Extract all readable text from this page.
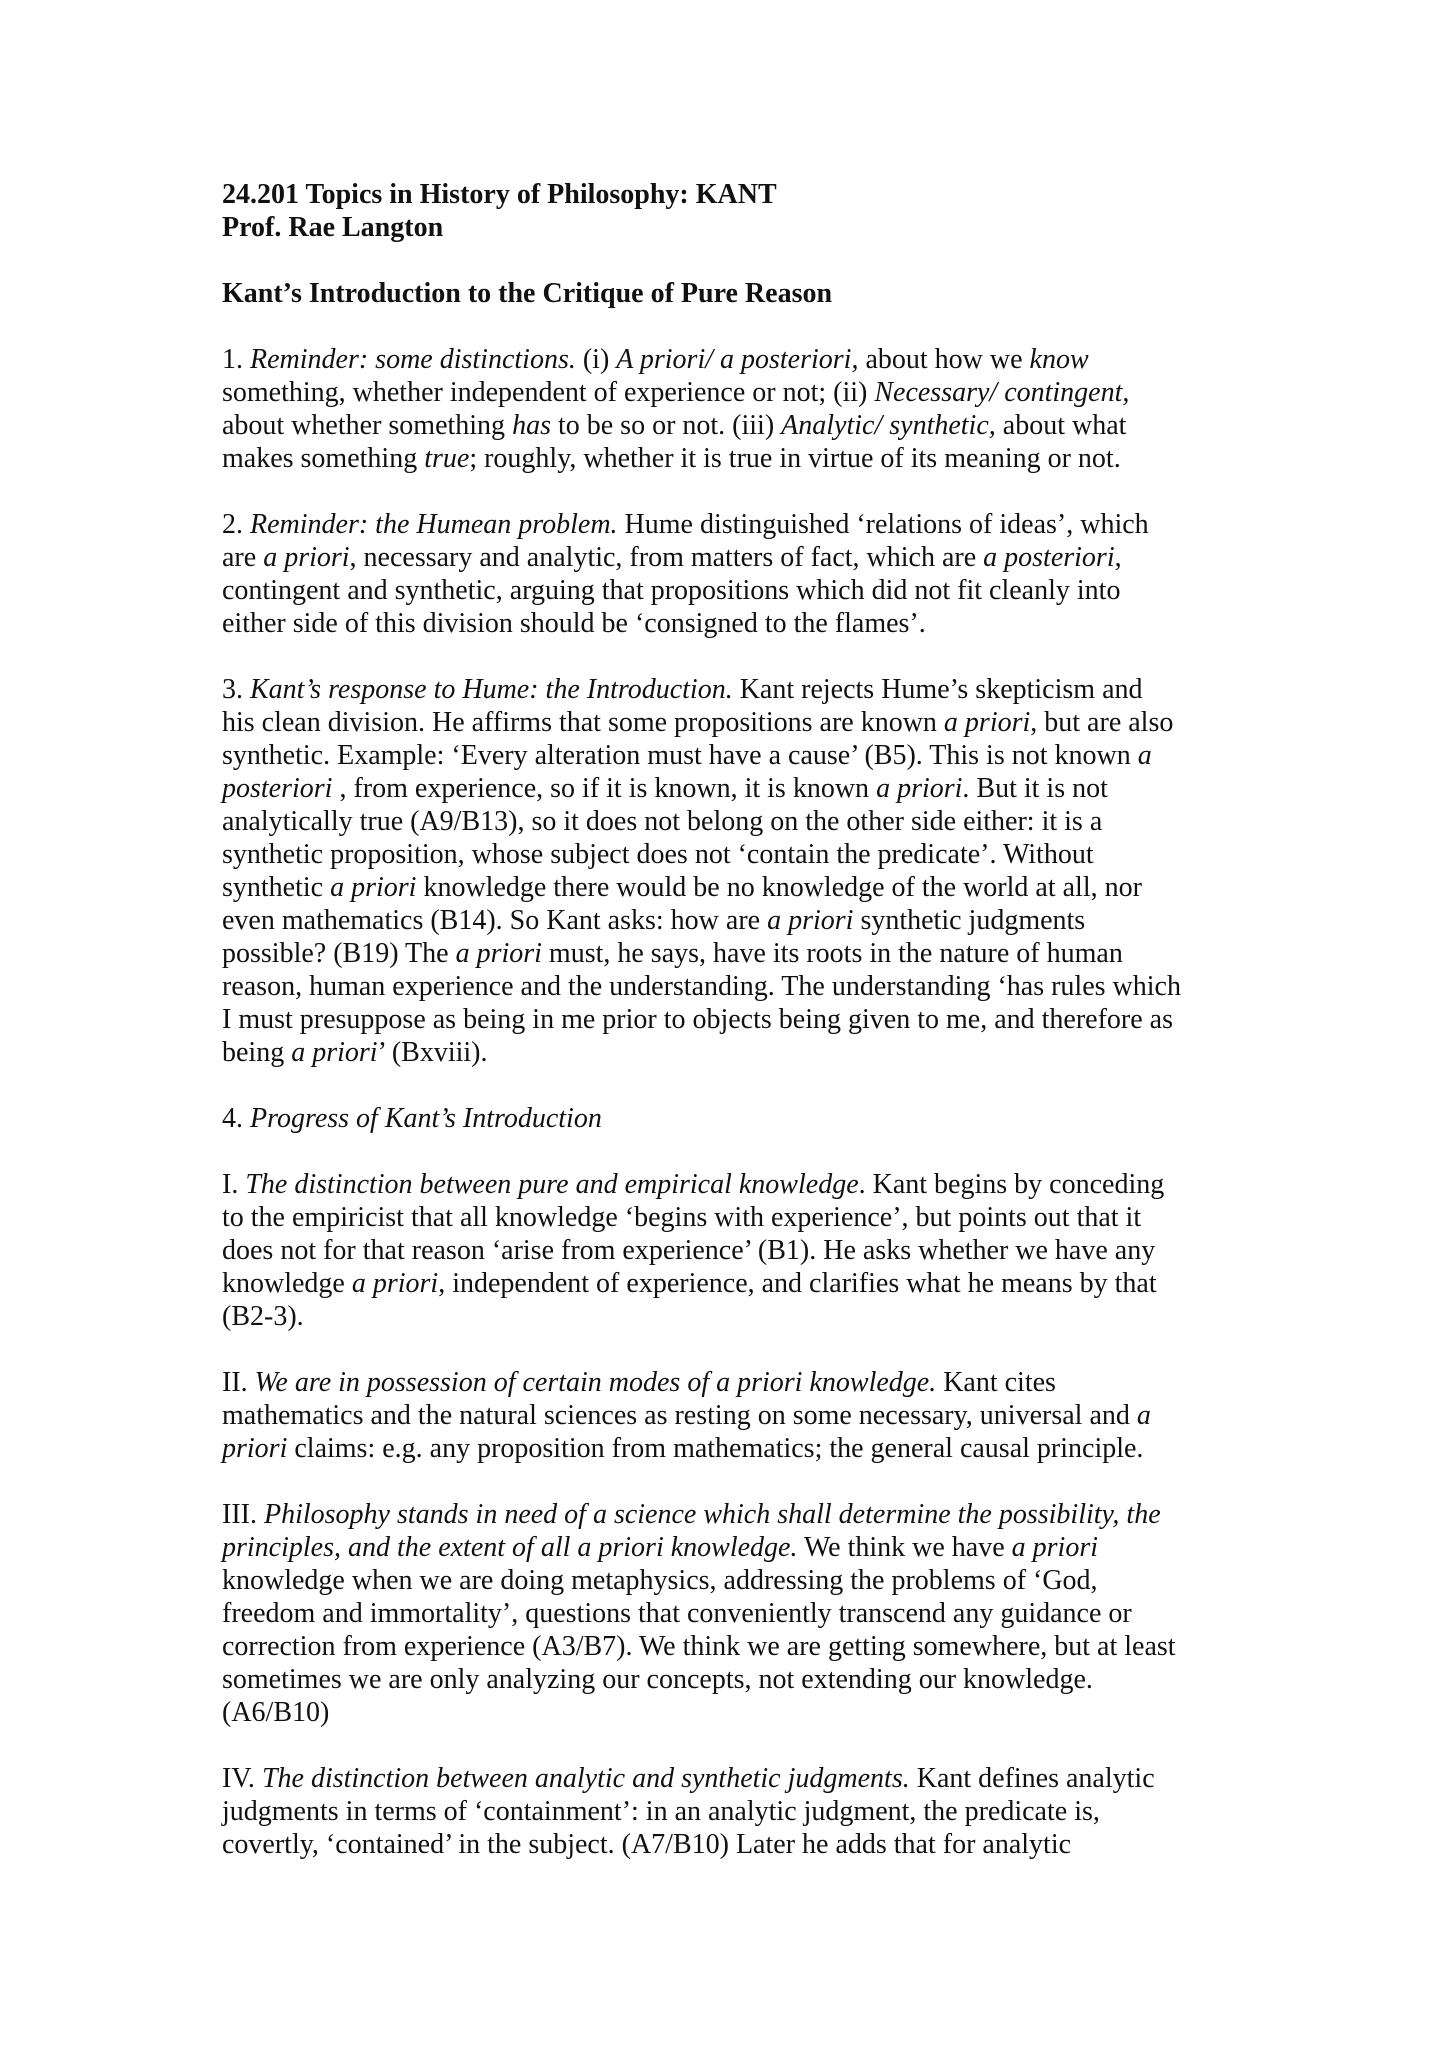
24.201 Topics in History of Philosophy: KANT
Prof. Rae Langton
Kant’s Introduction to the Critique of Pure Reason
1. Reminder: some distinctions. (i) A priori/ a posteriori, about how we know
something, whether independent of experience or not; (ii) Necessary/ contingent,
about whether something has to be so or not. (iii) Analytic/ synthetic, about what
makes something true; roughly, whether it is true in virtue of its meaning or not.
2. Reminder: the Humean problem. Hume distinguished ‘relations of ideas’, which
are a priori, necessary and analytic, from matters of fact, which are a posteriori,
contingent and synthetic, arguing that propositions which did not fit cleanly into
either side of this division should be ‘consigned to the flames’.
3. Kant’s response to Hume: the Introduction. Kant rejects Hume’s skepticism and
his clean division. He affirms that some propositions are known a priori, but are also
synthetic. Example: ‘Every alteration must have a cause’ (B5). This is not known a
posteriori , from experience, so if it is known, it is known a priori. But it is not
analytically true (A9/B13), so it does not belong on the other side either: it is a
synthetic proposition, whose subject does not ‘contain the predicate’. Without
synthetic a priori knowledge there would be no knowledge of the world at all, nor
even mathematics (B14). So Kant asks: how are a priori synthetic judgments
possible? (B19) The a priori must, he says, have its roots in the nature of human
reason, human experience and the understanding. The understanding ‘has rules which
I must presuppose as being in me prior to objects being given to me, and therefore as
being a priori’ (Bxviii).
4. Progress of Kant’s Introduction
I. The distinction between pure and empirical knowledge. Kant begins by conceding
to the empiricist that all knowledge ‘begins with experience’, but points out that it
does not for that reason ‘arise from experience’ (B1). He asks whether we have any
knowledge a priori, independent of experience, and clarifies what he means by that
(B2-3).
II. We are in possession of certain modes of a priori knowledge. Kant cites
mathematics and the natural sciences as resting on some necessary, universal and a
priori claims: e.g. any proposition from mathematics; the general causal principle.
III. Philosophy stands in need of a science which shall determine the possibility, the
principles, and the extent of all a priori knowledge. We think we have a priori
knowledge when we are doing metaphysics, addressing the problems of ‘God,
freedom and immortality’, questions that conveniently transcend any guidance or
correction from experience (A3/B7). We think we are getting somewhere, but at least
sometimes we are only analyzing our concepts, not extending our knowledge.
(A6/B10)
IV. The distinction between analytic and synthetic judgments. Kant defines analytic
judgments in terms of ‘containment’: in an analytic judgment, the predicate is,
covertly, ‘contained’ in the subject. (A7/B10) Later he adds that for analytic
